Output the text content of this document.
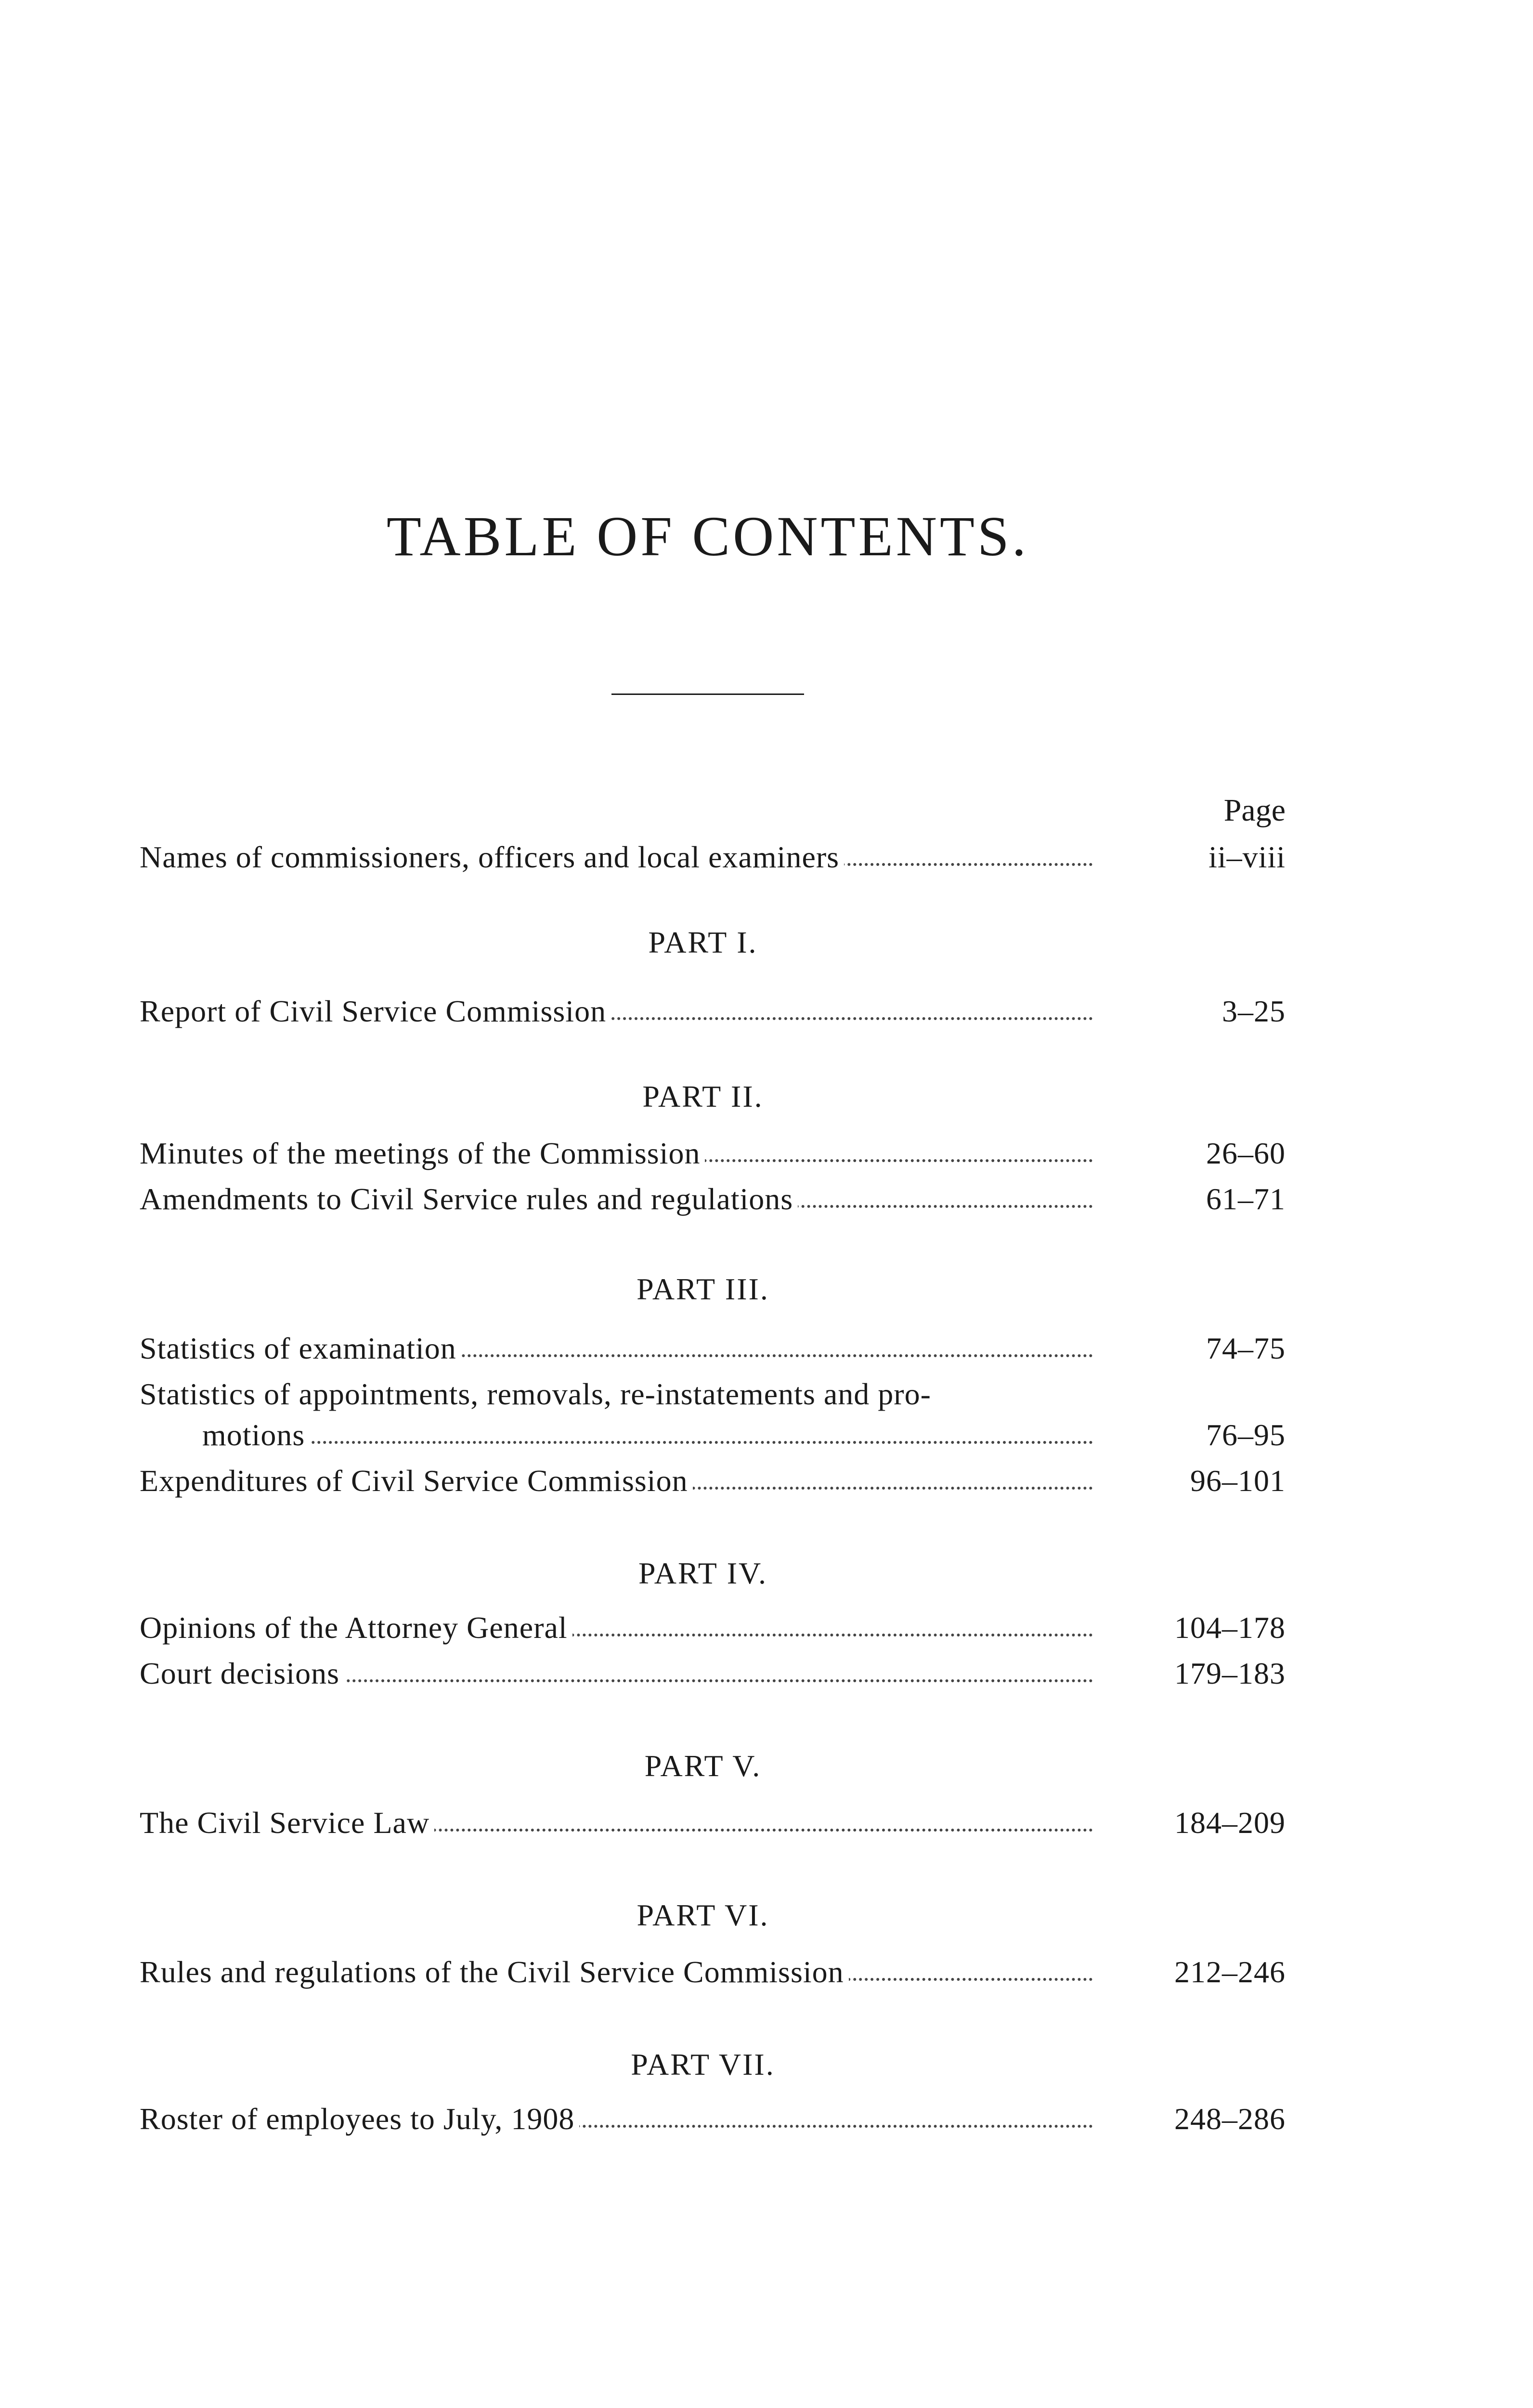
TABLE OF CONTENTS.
Page
Names of commissioners, officers and local examiners	ii–viii
PART I.
Report of Civil Service Commission	3–25
PART II.
Minutes of the meetings of the Commission	26–60
Amendments to Civil Service rules and regulations	61–71
PART III.
Statistics of examination	74–75
Statistics of appointments, removals, re-instatements and pro-
motions	76–95
Expenditures of Civil Service Commission	96–101
PART IV.
Opinions of the Attorney General	104–178
Court decisions	179–183
PART V.
The Civil Service Law	184–209
PART VI.
Rules and regulations of the Civil Service Commission	212–246
PART VII.
Roster of employees to July, 1908	248–286
